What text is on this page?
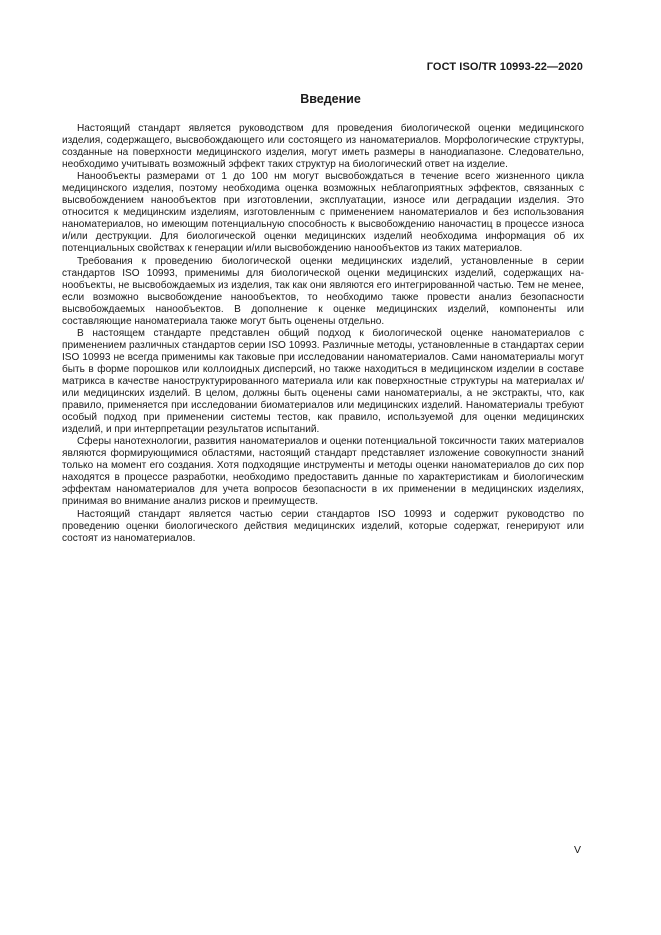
ГОСТ ISO/TR 10993-22—2020
Введение

Настоящий стандарт является руководством для проведения биологической оценки медицинского изделия, содержащего, высвобождающего или состоящего из наноматериалов. Морфологические структуры, созданные на поверхности медицинского изделия, могут иметь размеры в нанодиапазоне. Следовательно, необходимо учитывать возможный эффект таких структур на биологический ответ на изделие.

Нанообъекты размерами от 1 до 100 нм могут высвобождаться в течение всего жизненного цикла медицинского изделия, поэтому необходима оценка возможных неблагоприятных эффектов, связанных с высвобождением нанообъектов при изготовлении, эксплуатации, износе или деградации изделия. Это относится к медицинским изделиям, изготовленным с применением наноматериалов и без использования наноматериалов, но имеющим потенциальную способность к высвобождению наночастиц в процессе износа и/или деструкции. Для биологической оценки медицинских изделий необходима информация об их потенциальных свойствах к генерации и/или высвобождению нанообъектов из таких материалов.

Требования к проведению биологической оценки медицинских изделий, установленные в серии стандартов ISO 10993, применимы для биологической оценки медицинских изделий, содержащих нанообъекты, не высвобождаемых из изделия, так как они являются его интегрированной частью. Тем не менее, если возможно высвобождение нанообъектов, то необходимо также провести анализ безопасности высвобождаемых нанообъектов. В дополнение к оценке медицинских изделий, компоненты или составляющие наноматериала также могут быть оценены отдельно.

В настоящем стандарте представлен общий подход к биологической оценке наноматериалов с применением различных стандартов серии ISO 10993. Различные методы, установленные в стандартах серии ISO 10993 не всегда применимы как таковые при исследовании наноматериалов. Сами наноматериалы могут быть в форме порошков или коллоидных дисперсий, но также находиться в медицинском изделии в составе матрикса в качестве наноструктурированного материала или как поверхностные структуры на материалах и/или медицинских изделий. В целом, должны быть оценены сами наноматериалы, а не экстракты, что, как правило, применяется при исследовании биоматериалов или медицинских изделий. Наноматериалы требуют особый подход при применении системы тестов, как правило, используемой для оценки медицинских изделий, и при интерпретации результатов испытаний.

Сферы нанотехнологии, развития наноматериалов и оценки потенциальной токсичности таких материалов являются формирующимися областями, настоящий стандарт представляет изложение совокупности знаний только на момент его создания. Хотя подходящие инструменты и методы оценки наноматериалов до сих пор находятся в процессе разработки, необходимо предоставить данные по характеристикам и биологическим эффектам наноматериалов для учета вопросов безопасности в их применении в медицинских изделиях, принимая во внимание анализ рисков и преимуществ.

Настоящий стандарт является частью серии стандартов ISO 10993 и содержит руководство по проведению оценки биологического действия медицинских изделий, которые содержат, генерируют или состоят из наноматериалов.

V
